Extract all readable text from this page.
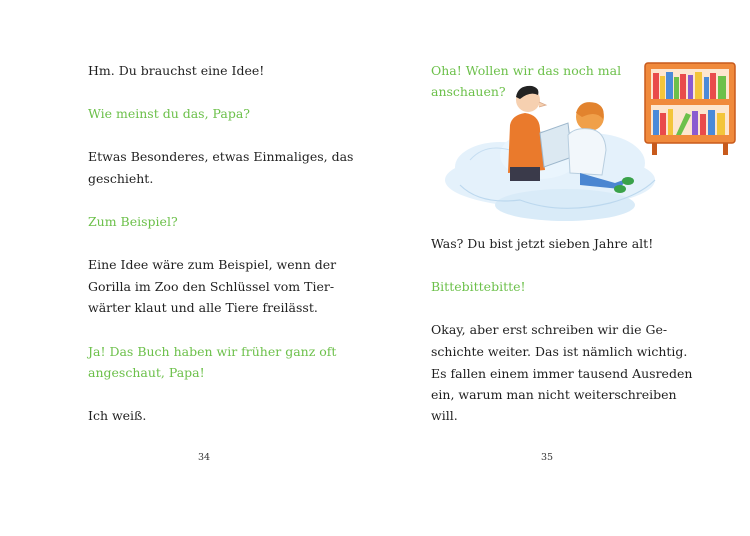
Hm. Du brauchst eine Idee!
Wie meinst du das, Papa?
Etwas Besonderes, etwas Einmaliges, das
geschieht.
Zum Beispiel?
Eine Idee wäre zum Beispiel, wenn der
Gorilla im Zoo den Schlüssel vom Tier-
wärter klaut und alle Tiere freilässt.
Ja! Das Buch haben wir früher ganz oft
angeschaut, Papa!
Ich weiß.
34
Oha! Wollen wir das noch mal
anschauen?
Was? Du bist jetzt sieben Jahre alt!
Bittebittebitte!
Okay, aber erst schreiben wir die Ge-
schichte weiter. Das ist nämlich wichtig.
Es fallen einem immer tausend Ausreden
ein, warum man nicht weiterschreiben
will.
35
